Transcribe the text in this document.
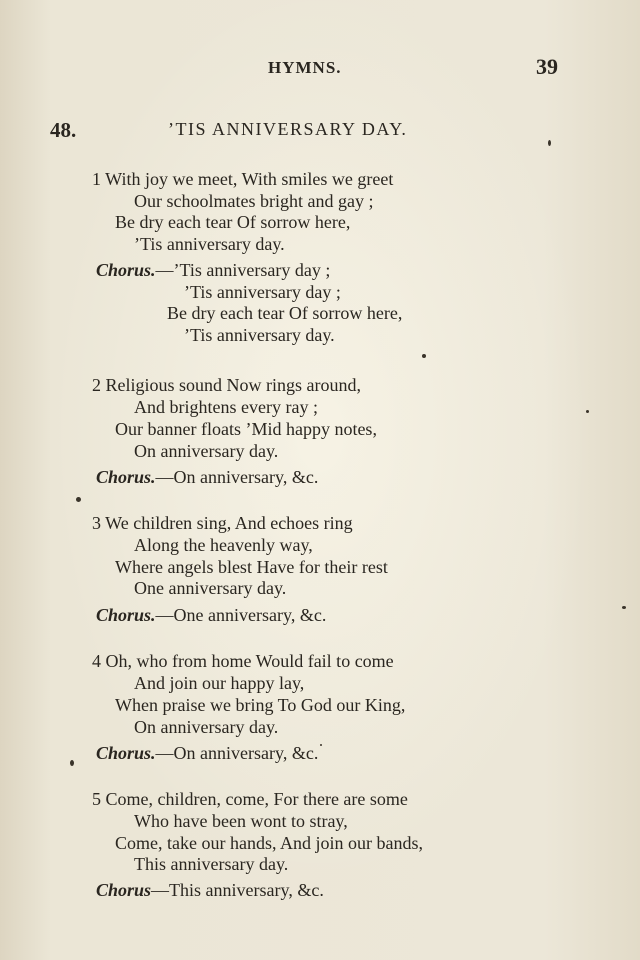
HYMNS.	39
48.	’TIS ANNIVERSARY DAY.
1 With joy we meet, With smiles we greet
Our schoolmates bright and gay ;
Be dry each tear Of sorrow here,
’Tis anniversary day.
Chorus.—’Tis anniversary day ;
’Tis anniversary day ;
Be dry each tear Of sorrow here,
’Tis anniversary day.
2 Religious sound Now rings around,
And brightens every ray ;
Our banner floats ’Mid happy notes,
On anniversary day.
Chorus.—On anniversary, &c.
3 We children sing, And echoes ring
Along the heavenly way,
Where angels blest Have for their rest
One anniversary day.
Chorus.—One anniversary, &c.
4 Oh, who from home Would fail to come
And join our happy lay,
When praise we bring To God our King,
On anniversary day.
Chorus.—On anniversary, &c.
5 Come, children, come, For there are some
Who have been wont to stray,
Come, take our hands, And join our bands,
This anniversary day.
Chorus—This anniversary, &c.
